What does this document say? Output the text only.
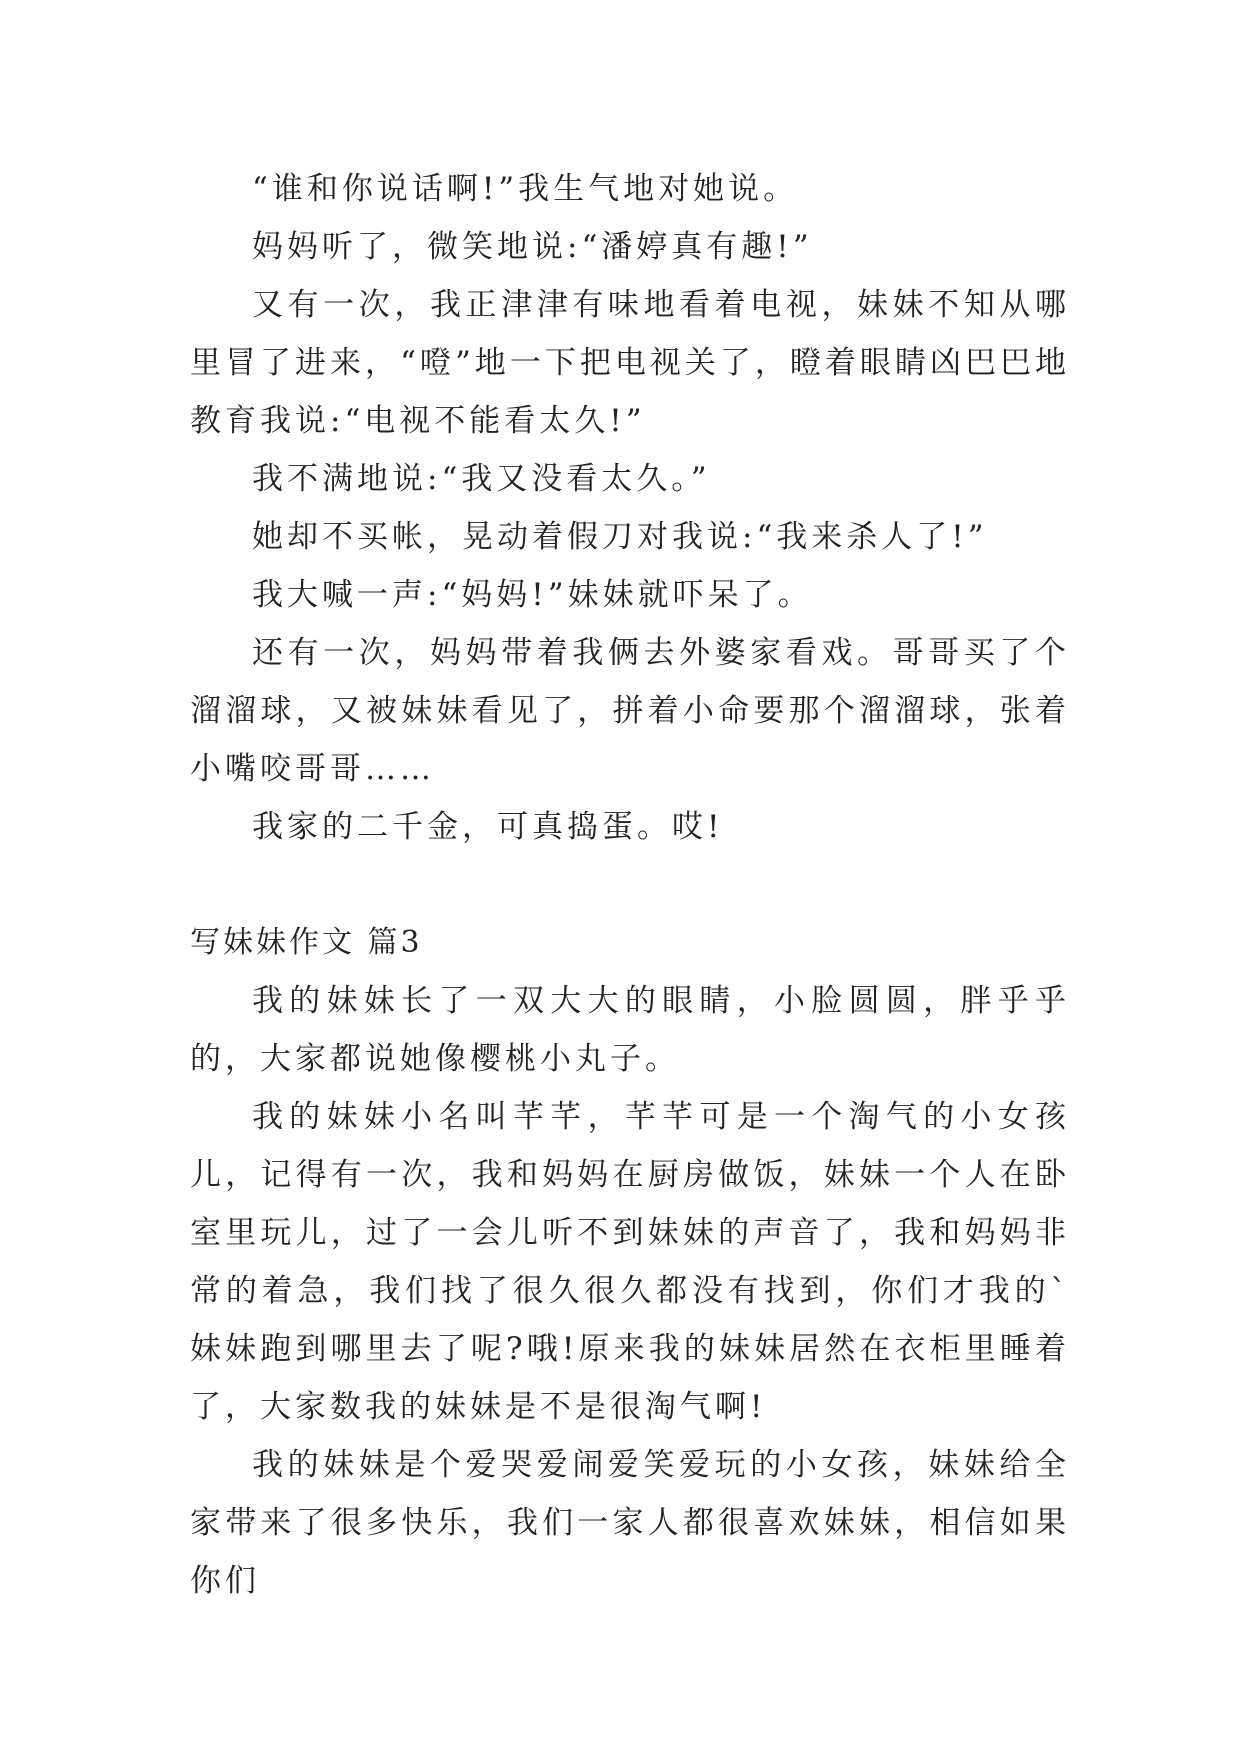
“谁和你说话啊!”我生气地对她说。

妈妈听了，微笑地说:“潘婷真有趣!”

又有一次，我正津津有味地看着电视，妹妹不知从哪里冒了进来，“噔”地一下把电视关了，瞪着眼睛凶巴巴地教育我说:“电视不能看太久!”

我不满地说:“我又没看太久。”

她却不买帐，晃动着假刀对我说:“我来杀人了!”

我大喊一声:“妈妈!”妹妹就吓呆了。

还有一次，妈妈带着我俩去外婆家看戏。哥哥买了个溜溜球，又被妹妹看见了，拼着小命要那个溜溜球，张着小嘴咬哥哥……

我家的二千金，可真捣蛋。哎!

写妹妹作文 篇3

我的妹妹长了一双大大的眼睛，小脸圆圆，胖乎乎的，大家都说她像樱桃小丸子。

我的妹妹小名叫芊芊，芊芊可是一个淘气的小女孩儿，记得有一次，我和妈妈在厨房做饭，妹妹一个人在卧室里玩儿，过了一会儿听不到妹妹的声音了，我和妈妈非常的着急，我们找了很久很久都没有找到，你们才我的`妹妹跑到哪里去了呢?哦!原来我的妹妹居然在衣柜里睡着了，大家数我的妹妹是不是很淘气啊!

我的妹妹是个爱哭爱闹爱笑爱玩的小女孩，妹妹给全家带来了很多快乐，我们一家人都很喜欢妹妹，相信如果你们
